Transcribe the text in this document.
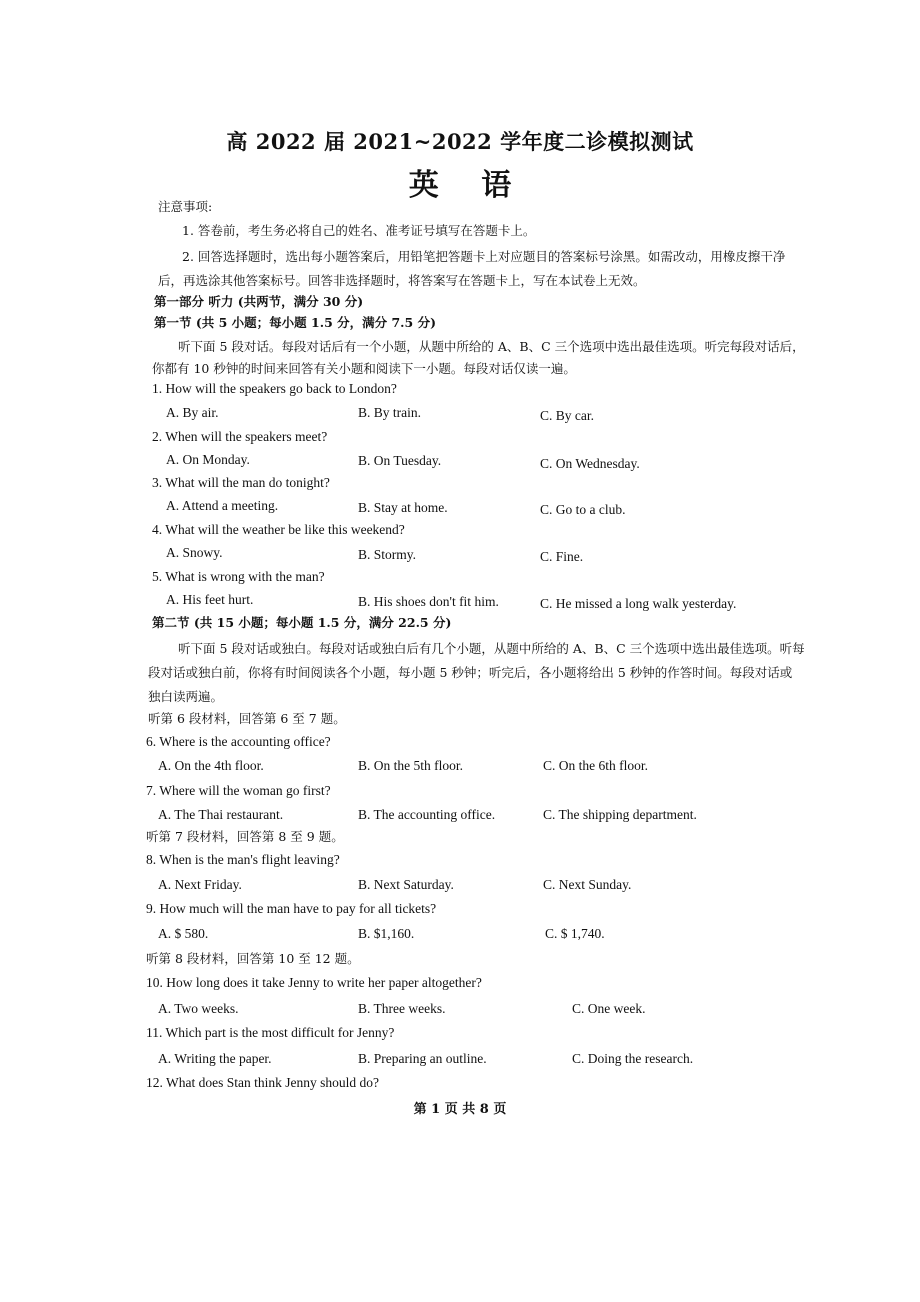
高 2022 届 2021~2022 学年度二诊模拟测试
英 语
注意事项:
1. 答卷前，考生务必将自己的姓名、准考证号填写在答题卡上。
2. 回答选择题时，选出每小题答案后，用铅笔把答题卡上对应题目的答案标号涂黑。如需改动，用橡皮擦干净
后，再选涂其他答案标号。回答非选择题时，将答案写在答题卡上，写在本试卷上无效。
第一部分 听力 (共两节，满分 30 分)
第一节 (共 5 小题；每小题 1.5 分，满分 7.5 分)
听下面 5 段对话。每段对话后有一个小题，从题中所给的 A、B、C 三个选项中选出最佳选项。听完每段对话后，
你都有 10 秒钟的时间来回答有关小题和阅读下一小题。每段对话仅读一遍。
1. How will the speakers go back to London?
A. By air.	B. By train.	C. By car.
2. When will the speakers meet?
A. On Monday.	B. On Tuesday.	C. On Wednesday.
3. What will the man do tonight?
A. Attend a meeting.	B. Stay at home.	C. Go to a club.
4. What will the weather be like this weekend?
A. Snowy.	B. Stormy.	C. Fine.
5. What is wrong with the man?
A. His feet hurt.	B. His shoes don't fit him.	C. He missed a long walk yesterday.
第二节 (共 15 小题；每小题 1.5 分，满分 22.5 分)
听下面 5 段对话或独白。每段对话或独白后有几个小题，从题中所给的 A、B、C 三个选项中选出最佳选项。听每
段对话或独白前，你将有时间阅读各个小题，每小题 5 秒钟；听完后，各小题将给出 5 秒钟的作答时间。每段对话或
独白读两遍。
听第 6 段材料，回答第 6 至 7 题。
6. Where is the accounting office?
A. On the 4th floor.	B. On the 5th floor.	C. On the 6th floor.
7. Where will the woman go first?
A. The Thai restaurant.	B. The accounting office.	C. The shipping department.
听第 7 段材料，回答第 8 至 9 题。
8. When is the man's flight leaving?
A. Next Friday.	B. Next Saturday.	C. Next Sunday.
9. How much will the man have to pay for all tickets?
A. $ 580.	B. $1,160.	C. $ 1,740.
听第 8 段材料，回答第 10 至 12 题。
10. How long does it take Jenny to write her paper altogether?
A. Two weeks.	B. Three weeks.	C. One week.
11. Which part is the most difficult for Jenny?
A. Writing the paper.	B. Preparing an outline.	C. Doing the research.
12. What does Stan think Jenny should do?
第 1 页 共 8 页
